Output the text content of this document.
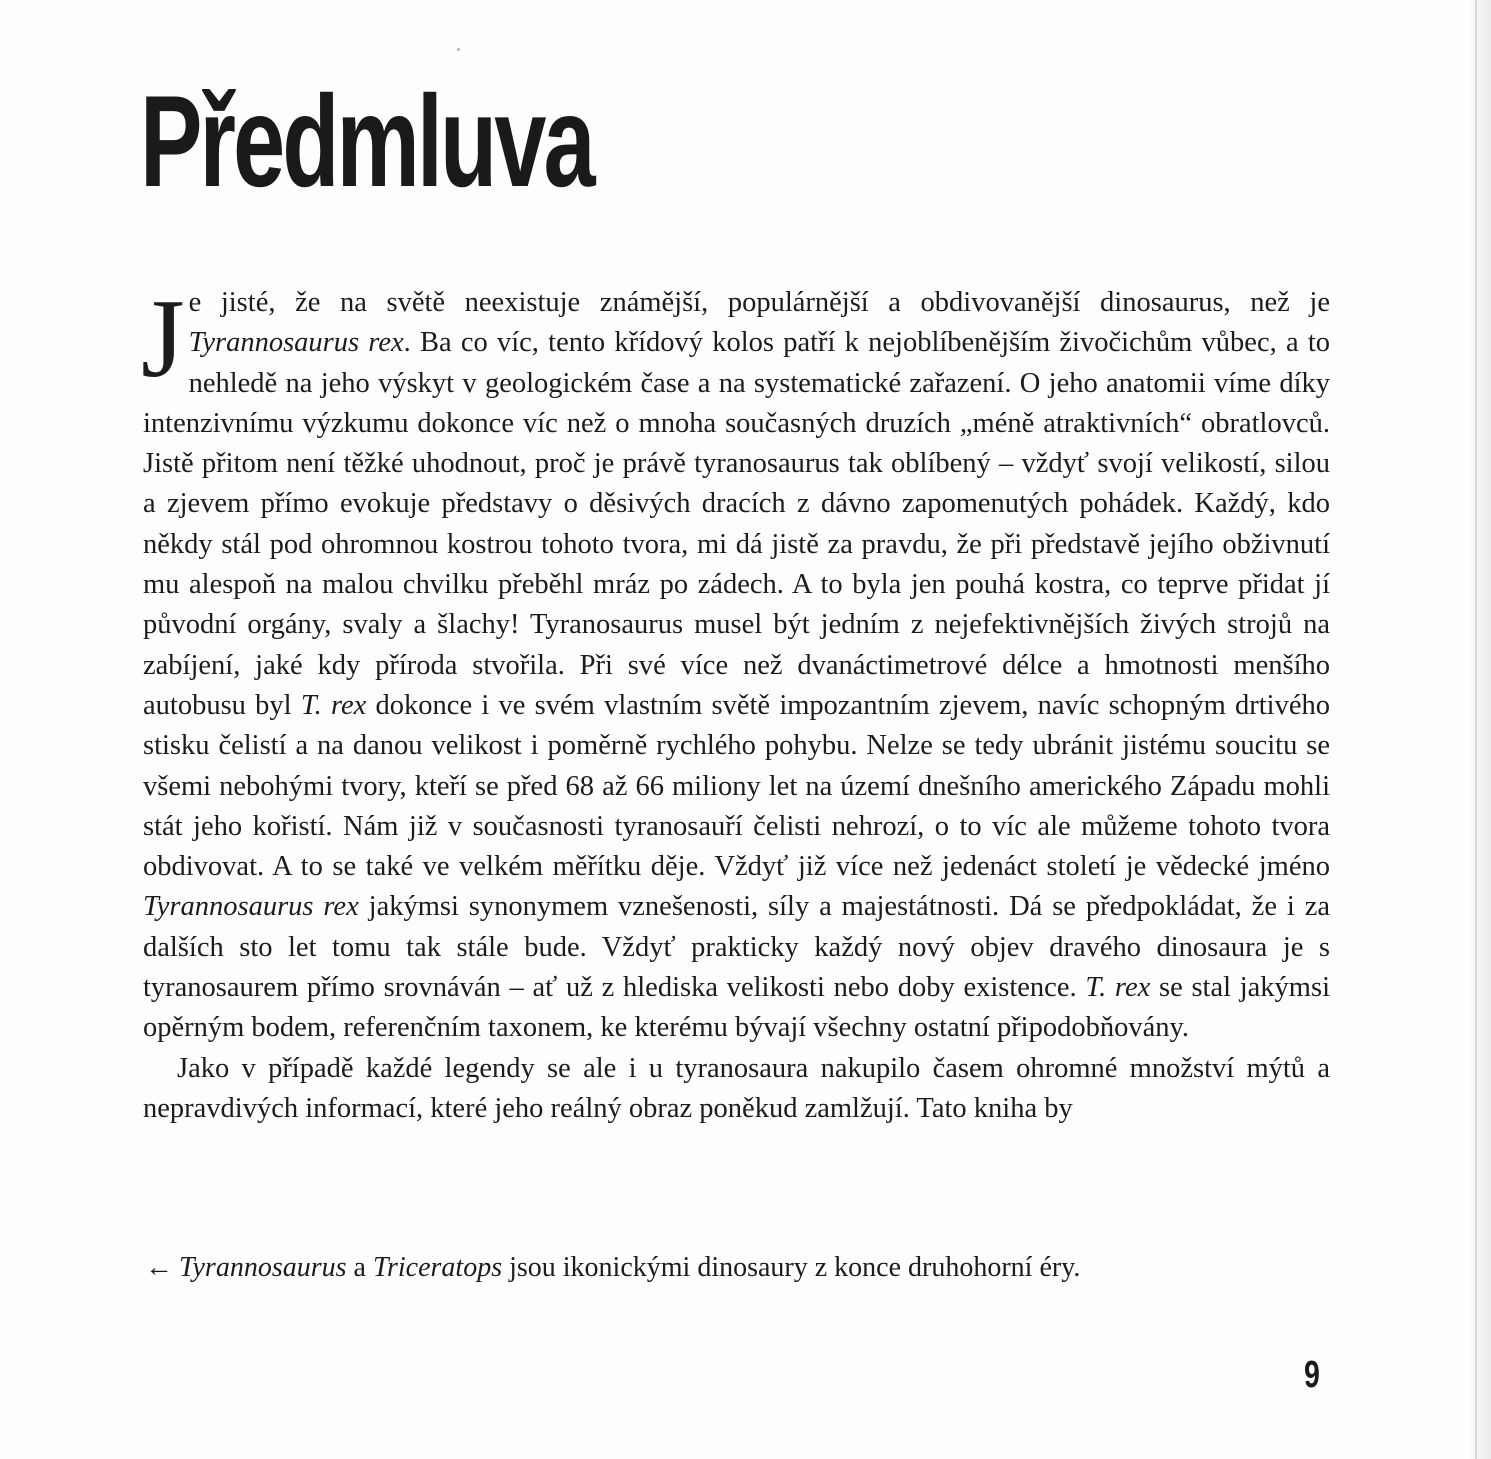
Předmluva

Je jisté, že na světě neexistuje známější, populárnější a obdivovanější dinosaurus, než je Tyrannosaurus rex. Ba co víc, tento křídový kolos patří k nejoblíbenějším živočichům vůbec, a to nehledě na jeho výskyt v geologickém čase a na systematické zařazení. O jeho anatomii víme díky intenzivnímu výzkumu dokonce víc než o mnoha současných druzích „méně atraktivních“ obratlovců. Jistě přitom není těžké uhodnout, proč je právě tyranosaurus tak oblíbený – vždyť svojí velikostí, silou a zjevem přímo evokuje představy o děsivých dracích z dávno zapomenutých pohádek. Každý, kdo někdy stál pod ohromnou kostrou tohoto tvora, mi dá jistě za pravdu, že při představě jejího obživnutí mu alespoň na malou chvilku přeběhl mráz po zádech. A to byla jen pouhá kostra, co teprve přidat jí původní orgány, svaly a šlachy! Tyranosaurus musel být jedním z nejefektivnějších živých strojů na zabíjení, jaké kdy příroda stvořila. Při své více než dvanáctimetrové délce a hmotnosti menšího autobusu byl T. rex dokonce i ve svém vlastním světě impozantním zjevem, navíc schopným drtivého stisku čelistí a na danou velikost i poměrně rychlého pohybu. Nelze se tedy ubránit jistému soucitu se všemi nebohými tvory, kteří se před 68 až 66 miliony let na území dnešního amerického Západu mohli stát jeho kořistí. Nám již v současnosti tyranosauří čelisti nehrozí, o to víc ale můžeme tohoto tvora obdivovat. A to se také ve velkém měřítku děje. Vždyť již více než jedenáct století je vědecké jméno Tyrannosaurus rex jakýmsi synonymem vznešenosti, síly a majestátnosti. Dá se předpokládat, že i za dalších sto let tomu tak stále bude. Vždyť prakticky každý nový objev dravého dinosaura je s tyranosaurem přímo srovnáván – ať už z hlediska velikosti nebo doby existence. T. rex se stal jakýmsi opěrným bodem, referenčním taxonem, ke kterému bývají všechny ostatní připodobňovány.

Jako v případě každé legendy se ale i u tyranosaura nakupilo časem ohromné množství mýtů a nepravdivých informací, které jeho reálný obraz poněkud zamlžují. Tato kniha by

← Tyrannosaurus a Triceratops jsou ikonickými dinosaury z konce druhohorní éry.
9
